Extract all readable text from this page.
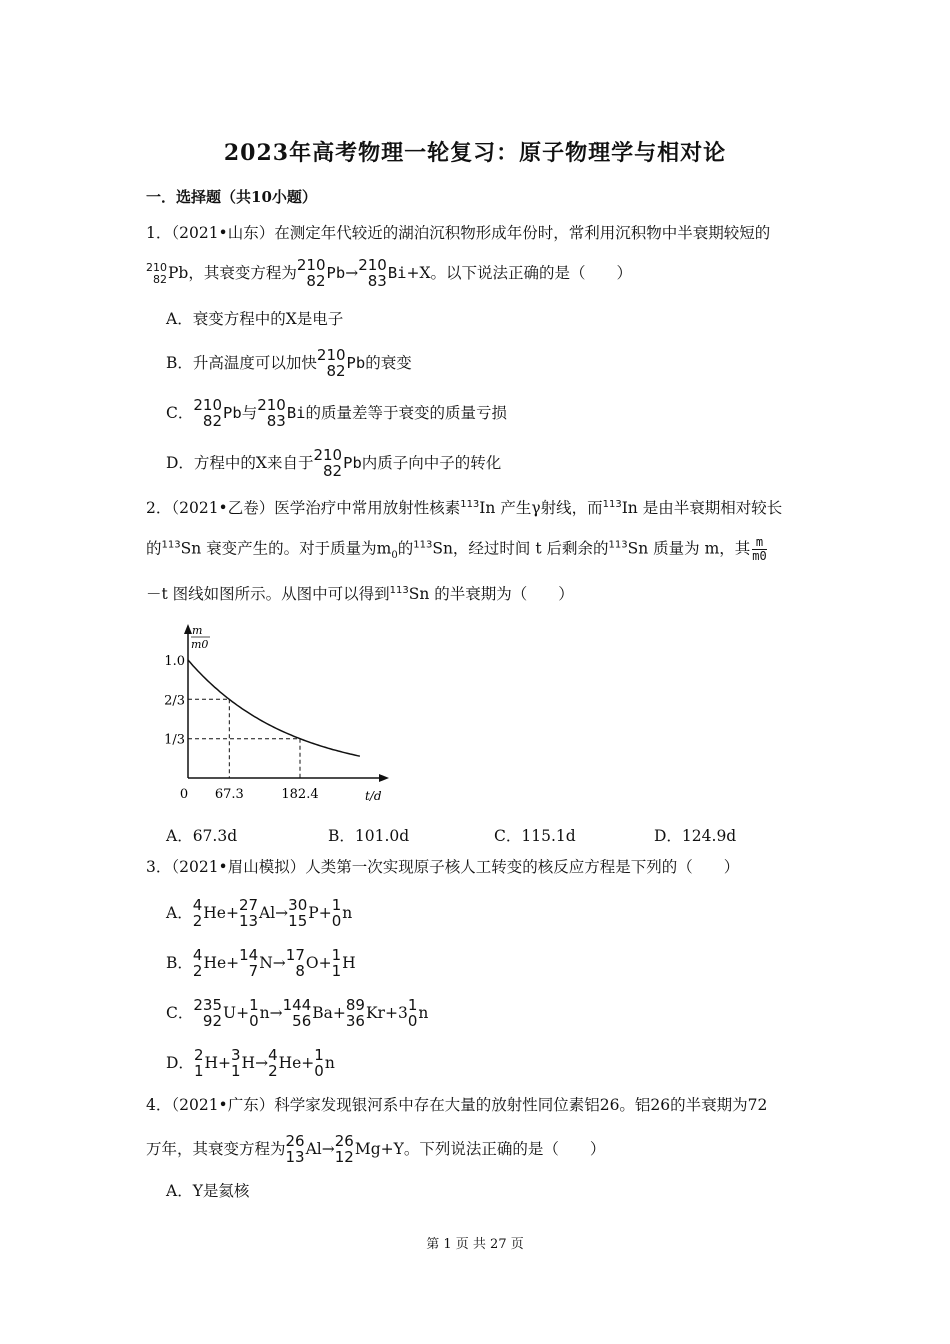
2023年高考物理一轮复习：原子物理学与相对论
一．选择题（共10小题）
1．（2021•山东）在测定年代较近的湖泊沉积物形成年份时，常利用沉积物中半衰期较短的
210
82 Pb，其衰变方程为 210
82 Pb→ 210
83 Bi+X。以下说法正确的是（　　）
A．衰变方程中的X是电子
B．升高温度可以加快 210
82 Pb的衰变
C． 210
82 Pb与 210
83 Bi的质量差等于衰变的质量亏损
D．方程中的X来自于 210
82 Pb内质子向中子的转化
2．（2021•乙卷）医学治疗中常用放射性核素$^{113}$In 产生γ射线，而$^{113}$In 是由半衰期相对较长
的$^{113}$Sn 衰变产生的。对于质量为$m_0$的$^{113}$Sn，经过时间 t 后剩余的$^{113}$Sn 质量为 m，其 $\frac{m}{m0}$
－t 图线如图所示。从图中可以得到$^{113}$Sn 的半衰期为（　　）
m
m0
t/d
1.0
2/3
1/3
0 67.3	182.4
A．67.3d	B．101.0d	C．115.1d	D．124.9d
3．（2021•眉山模拟）人类第一次实现原子核人工转变的核反应方程是下列的（　　）
A． 4
2 He+ 27
13 Al→ 30
15 P+ 1
0 n
B． 4
2 He+ 14
7 N→ 17
8 O+ 1
1 H
C． 235
92 U+ 1
0 n→ 144
56 Ba+ 89
36 Kr+3 1
0 n
D． 2
1 H+ 3
1 H→ 4
2 He+ 1
0 n
4．（2021•广东）科学家发现银河系中存在大量的放射性同位素铝26。铝26的半衰期为72
万年，其衰变方程为 26
13 Al→ 26
12 Mg+Y。下列说法正确的是（　　）
A．Y是氦核
第 1 页 共 27 页
